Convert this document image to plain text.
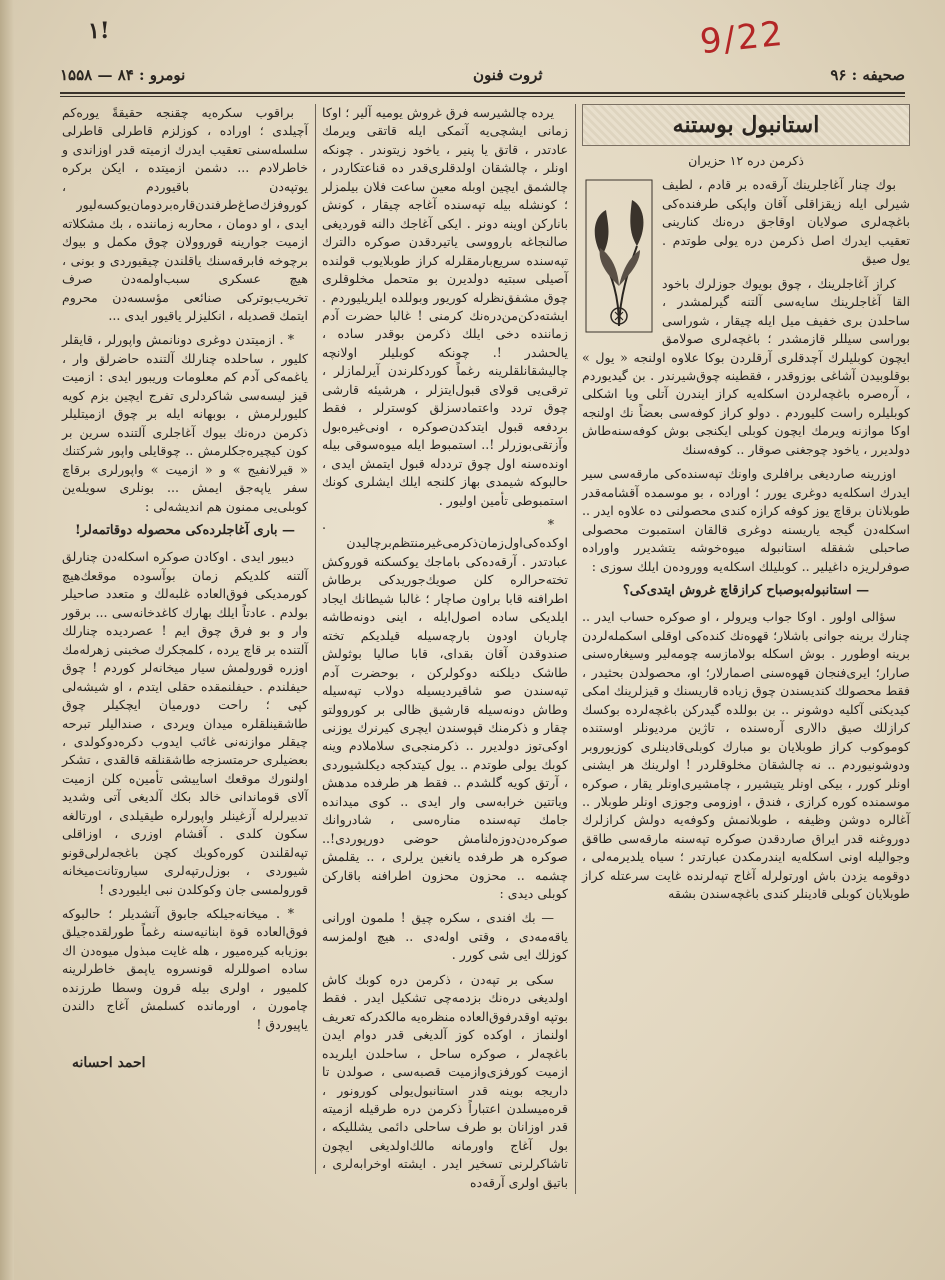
9/22
۱!
صحیفه : ۹۶
ثروت فنون
نومرو : ۸۴ — ۱۵۵۸
استانبول بوستنه

ذکرمن دره ۱۲ حزیران

بوك چنار آغاجلرینك آرقه‌ده بر قادم ، لطیف شیرلی ایله زیقزاقلی آقان واپکی طرفنده‌کی باغچه‌لری صولایان اوقاجق دره‌نك كنارینی تعقیب ایدرك اصل ذکرمن دره یولی طوتدم . یول صیق

كراز آغاجلرینك ، چوق بویوك جوزلرك باخود القا آغاجلرینك سایه‌سی آلتنه گیرلمشدر ، ساحلدن بری خفیف میل ایله چیقار ، شوراسی بوراسی سیللر قازمشدر ؛ باغچه‌لری صولامق ایچون کوبلیلرك آچدقلری آرقلردن بوکا علاوه اولنجه « یول » بوقلوبیدن آشاغی بوزوقدر ، فقطینه چوق‌شیرندر . بن گیدیوردم ، آرەصره باغچه‌لردن اسکله‌یه کراز ایندرن آتلی ویا اشکلی کوبلیلره راست کلیوردم . دولو کراز کوفه‌سی بعضاً نك اولنجه اوكا موازنه ویرمك ایچون کوبلی ایکنجی بوش کوفه‌سنه‌طاش دولدیرر ، یاخود چوجغنی صوقار .. کوفه‌سنك

اوزرینه صاردیغی برافلری واونك تپه‌سنده‌کی مارقه‌سی سیر ایدرك اسکله‌یه دوغری یورر ؛ اورادە ، بو موسمده آقشامه‌قدر طوبلانان برقاچ یوز کوفه کرازه کندی محصولنی ده علاوه ایدر .. اسکله‌دن گیجه یاریسنه دوغری قالقان استمبوت محصولی صاحبلی شفقله استانبوله میوه‌خوشه یتشدیرر واوراده صوفرلریزه داغیلیر .. کوبلیلك اسکله‌یه ووروده‌ن ایلك سوزی :

— استانبوله‌بوصباح کرازقاچ غروش ایتدی‌کی؟

سؤالی اولور . اوکا جواب ویرولر ، او صوکره حساب ایدر .. چنارك برینه جوانی باشلار؛ قهوه‌نك کندە‌کی اوقلی اسکمله‌لردن برینه اوطورر . بوش اسکله بولامازسه چومه‌لیر وسیغاره‌سنی صارار؛ ایری‌فنجان قهوه‌سنی اصمارلار؛ او، محصولدن بحثیدر ، فقط محصولك کندیسندن چوق زیاده قاریسنك و قیزلرینك امکی کیدیکنی آکلیه دوشونر .. بن بوللده گیدرکن باغچه‌لرده بوکسك کرازلك صیق دالاری آره‌سنده ، تاژین مردیونلر اوستنده کوموکوب کراز طوبلایان بو مبارك کوبلی‌قادینلری کوزیوروبر ودوشونیوردم .. نه چالشقان مخلوقلردر ! اولرینك هر ایشنی اونلر کورر ، بیکی اونلر یتیشیرر ، چامشیری‌اونلر یقار ، صوکره موسمنده کوره کرازی ، فندق ، اوزومی وجوزی اونلر طوبلار .. آغالره دوشن وظیفه ، طوبلانمش وکوفه‌یه دولش کرازلرك دوروغنه قدر ایراق صاردقدن صوکره تپه‌سنه مارقه‌سی طاقق وجوالیله اونی اسکله‌یه ایندرمکدن عبارتدر ؛ سیاه یلدیرمه‌لی ، دوقومه یزدن باش اورتولرله آغاج تپه‌لرنده غایت سرعتله کراز طوبلایان کوبلی قادینلر کندی باغچه‌سندن بشقه

یرده چالشیرسه فرق غروش یومیه آلیر ؛ اوکا زمانی ایشچی‌یه آتمکی ایله قاتقی ویرمك عادتدر ، قاتق یا پنیر ، یاخود زیتوندر . چونکه اونلر ، چالشقان اولدقلری‌قدر ده قناعتکاردر ، چالشمق ایچین اوبله معین ساعت فلان بیلمزلر ؛ کونشله بیله تپه‌سنده آغاجه چیقار ، کونش بانارکن اوینه دونر . ایکی آغاجك دالنه قوردیغی صالنجاغه بارووسی یاتیردقدن صوکره دالترك تپه‌سنده سریع‌بارمقلرله كراز طوبلایوب قولنده آصیلی سبتیه دولدیرن بو متحمل مخلوقلری چوق مشفق‌نظرله کوریور وبوللده ایلریلیوردم . ایشته‌دکن‌من‌دره‌نك کرمنی ! غالبا حضرت آدم زماننده دخی ایلك ذکرمن بوقدر ساده ، یالحشدر !. چونکه کوبلیلر اولانچه چالیشقانلقلرینه رغماً کوردکلرندن آیرلمازلر ، ترقی‌یی قولای قبول‌ایتزلر ، هرشیئه قارشی چوق تردد واعتمادسزلق کوسترلر ، فقط بردفعه قبول ایتدکدن‌صوکره ، اونی‌غیره‌بول وآزتقی‌بوزرلر !.. استمبوط ایله میوه‌سوقی بیله اونده‌سنه اول چوق ترددله قبول ایتمش ایدی ، حالبوکه شیمدی بهاز کلنجه ایلك ایشلری کونك استمبوطی تأمین اولیور .

* . اوکده‌کی‌اول‌زمان‌ذکرمی‌غیرمنتظم‌برچالیدن عبادتدر . آرقه‌ده‌کی باماجك یوکسکنه قوروکش تخته‌حرالره کلن صویك‌جوریدکی برطاش اطرافنه قابا براون صاچار ؛ غالبا شیطانك ایجاد ایلدیکی ساده اصول‌ایله ، اینی دونه‌طاشه چاربان اودون بارچه‌سیله قیلدیکم تخته‌ صندوقدن آقان بقدای، قابا صالیا بوثولش طاشک دیلکنه دوکولرکن ، بوحضرت آدم تپه‌سندن صو شاقیردیسیله دولاب تپه‌سیله وطاش دونه‌سیله قارشیق ظالی بر کوروولتو چقار و ذکرمنك قپوسندن ایچری کیرنرك یوزنی اوکی‌توز دولدیرر .. ذکرمنجی‌ی سلاملادم وینه کوبك یولی طوتدم .. یول کیتدکجه دیکلشیوردی ، آرتق کویه گلشدم .. فقط هر طرفده مدهش ویاتتین خرابه‌سی وار ایدی .. کوی میدانده جامك تپه‌سنده منارەسی ، شادروانك صوکره‌دن‌دوزه‌لنامش حوضی دورپوردی!.. صوکره هر طرفده یانغین یرلری ، .. یقلمش چشمه .. محزون محزون اطرافنه باقارکن کوبلی دیدی :

— بك افندی ، سکره چیق ! ملمون اورانی یاقه‌مه‌دی ، وقتی اوله‌دی .. هیچ اولمزسه کوزلك ایی شی کورر .

سکی بر تپه‌دن ، ذکرمن دره کوبك کاش اولدیغی دره‌نك بزدمه‌چی تشکیل ایدر . فقط بوتپه اوقدرفوق‌العاده منظره‌یه مالکدرکه تعریف اولنماز ، اوکده کوز آلدیغی قدر دوام ایدن باغچه‌لر ، صوکره ساحل ، ساحلدن ایلریده ازمیت کورفزی‌وازمیت قصبه‌سی ، صولدن تا داریجه بوینه قدر استانبول‌یولی کورونور ، قره‌میسلدن اعتباراً ذکرمن دره طرقیله ازمیته قدر اوزانان بو طرف ساحلی دائمی یشللیکه ، بول آغاج واورمانه مالك‌اولدیغی ایچون تاشاکرلرنی تسخیر ایدر . ایشته اوخرابه‌لری ، باتیق اولری آرقه‌ده

براقوب سکره‌یه چقنجه حقیقةً یوره‌کم آچیلدی ؛ اورادە ، کوزلزم قاطرلی قاطرلی سلسله‌سنی تعقیب ایدرك ازمیته قدر اوزاندی و خاطرلادم ... دشمن ازمیتده ، ایکن بركره یوتپه‌دن باقیوردم ، کوروفزك‌صاغ‌طرفندن‌قاره‌بردومان‌یوکسه‌لیور ایدی ، او دومان ، محاربه زماننده ، بك مشکلاته ازمیت جوارینه قوروولان چوق مکمل و بیوك برچوخه فابرقه‌سنك یاقلندن چیقیوردی و بونی ، هیچ عسکری سبب‌اولمه‌دن صرف تخریب‌بوترکی صنائعی مؤسسەدن محروم ایتمك قصدیله ، انكلیزلر یاقیور ایدی ...

* . ازمیتدن دوغری دونانمش واپورلر ، قایقلر کلیور ، ساحلده چنارلك آلتنده حاضرلق وار ، یاغمه‌کی آدم‌ کم معلومات وریبور ایدی : ازمیت قیز لیسه‌سی شاکردلری تفرج ایچین بزم کویه کلیورلرمش ، بوبهانه ایله بر چوق ازمیتلیلر ذکرمن دره‌نك بیوك آغاجلری آلتنده سرین بر کون کیچیره‌جکلرمش .. چوقایلی واپور شرکتنك « قیرلانفیج » و « ازمیت » واپورلری برقاچ سفر یاپه‌جق ایمش ... بونلری سویلەین کوبلی‌یی ممنون‌ هم انديشەلی :

— باری آغاجلرده‌کی محصوله دوقاتمه‌لر!

دیبور ایدی . اوکادن صوکره اسکله‌دن چنارلق آلتنه کلدیکم زمان بوآسوده موقعك‌هیچ کورمدیکی فوق‌العاده غلبه‌لك و متعدد صاحیلر بولدم . عادتاً ایلك بهارك کاغدخانه‌سی ... برقور وار و بو فرق چوق ایم ! عصردیده چنارلك آلتنده بر قاچ یرده ، کلمجکرك صخبنی زهرلەمك اوزره قورولمش سیار میخانەلر کوردم ! چوق حیفلندم . حیفلنمقده حقلی ایتدم ، او شیشەلی کپی‌ ؛ راحت دورمیان ایچکیلر چوق طاشقینلقلره میدان ویردی ، صندالیلر تبرحه چیقلر موازنه‌نی غائب ایدوب دکر‌ه‌دوکولدی ، بعضیلری حرمتسزجه طاشقنلقه قالقدی ، تشکر اولنورك موقعك اساییشی تأمین‌ه کلن ازمیت آلای قوماندانی خالد بکك آلدیغی آتی وشدید تدبیرلرله آزغینلر واپورلره طیقیلدی ، اورتالغه سکون کلدی . آقشام اوزری ، اوزاقلی تپه‌لقلندن کوره‌کوبك کچن باغجه‌لرلی‌قونو شیوردی ، بوزل‌رتپه‌لری سیاروتانت‌میخانه قورولمسی جان وکوکلدن نبی ایلیوردی !

* . میخانه‌جیلکه جابوق آتشدیلر ؛ حالبوکه فوق‌العادە قوة ابنانیه‌سنه رغماً طورلقده‌جیلق بوزیابه کیرەمیور ، هله غایت مبذول میوه‌دن اك ساده‌ اصوللرله قونسروه یاپمق خاطرلرینه کلمیور ، اولری بیله قرون وسطا طرزنده چامورن ، اورمانده کسلمش آغاج دالندن یاپیوردق !

احمد احسانه
